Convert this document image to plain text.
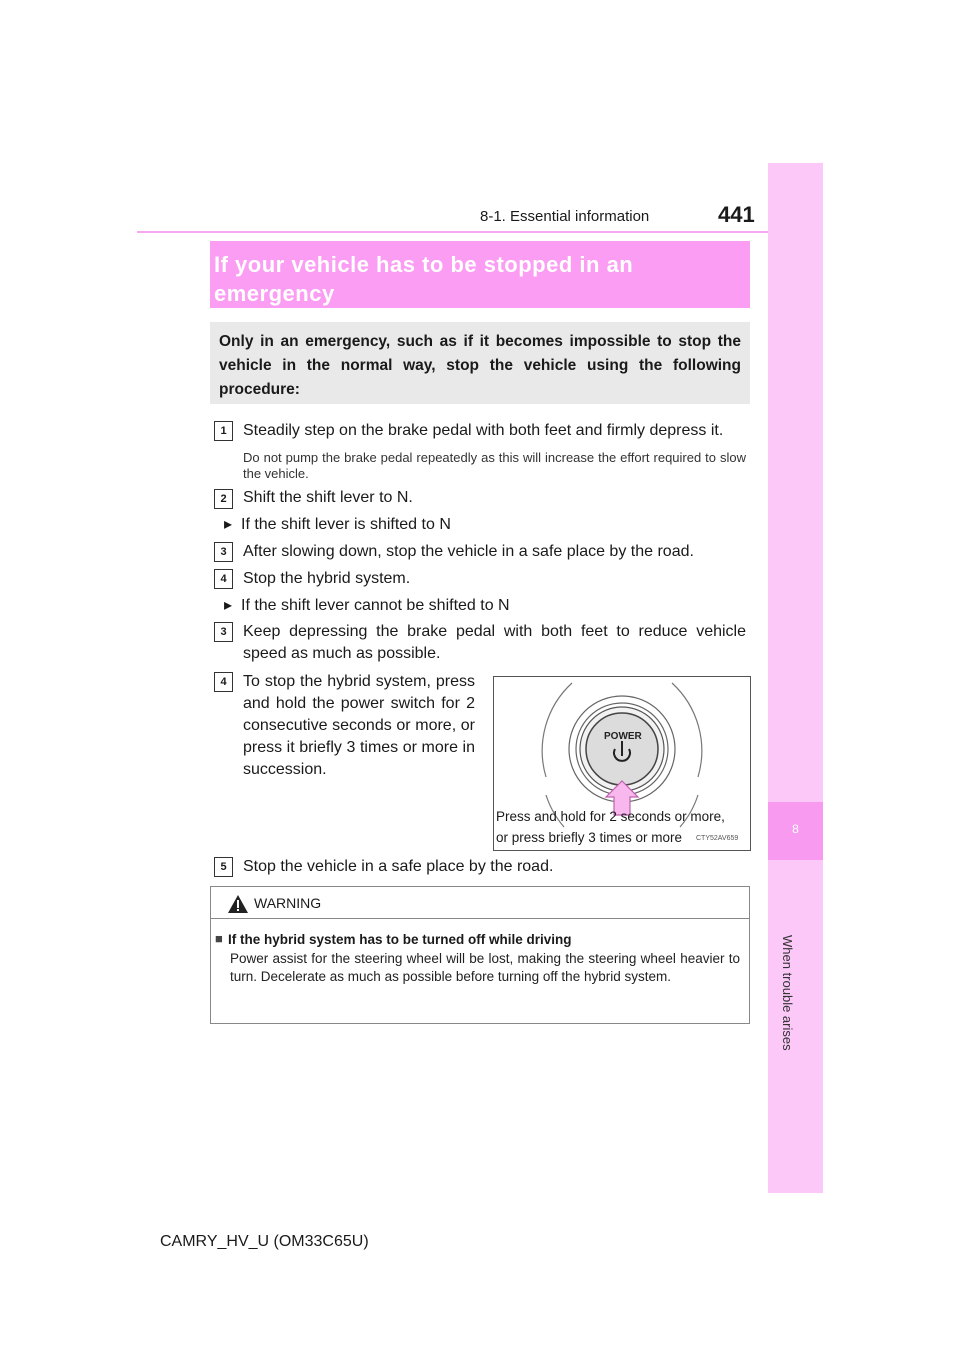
8-1. Essential information	441
8
When trouble arises
If your vehicle has to be stopped in an emergency
Only in an emergency, such as if it becomes impossible to stop the vehicle in the normal way, stop the vehicle using the following procedure:
1	Steadily step on the brake pedal with both feet and firmly depress it.
Do not pump the brake pedal repeatedly as this will increase the effort required to slow the vehicle.
2	Shift the shift lever to N.
▸ If the shift lever is shifted to N
3	After slowing down, stop the vehicle in a safe place by the road.
4	Stop the hybrid system.
▸ If the shift lever cannot be shifted to N
3	Keep depressing the brake pedal with both feet to reduce vehicle speed as much as possible.
4	To stop the hybrid system, press and hold the power switch for 2 consecutive seconds or more, or press it briefly 3 times or more in succession.
POWER
Press and hold for 2 seconds or more,
or press briefly 3 times or more	CTY52AV659
5	Stop the vehicle in a safe place by the road.
WARNING
■ If the hybrid system has to be turned off while driving
Power assist for the steering wheel will be lost, making the steering wheel heavier to turn. Decelerate as much as possible before turning off the hybrid system.
CAMRY_HV_U (OM33C65U)
